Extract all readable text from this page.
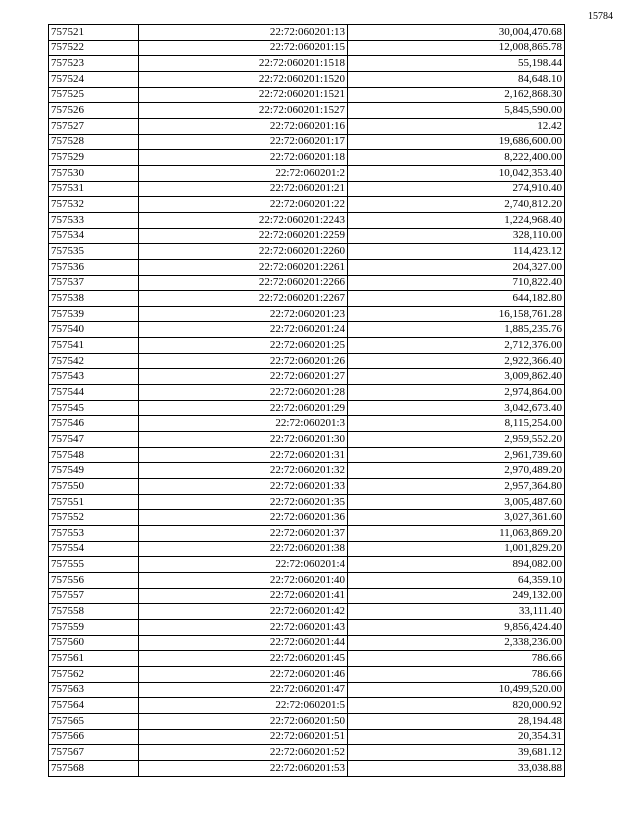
15784
757521	22:72:060201:13	30,004,470.68
757522	22:72:060201:15	12,008,865.78
757523	22:72:060201:1518	55,198.44
757524	22:72:060201:1520	84,648.10
757525	22:72:060201:1521	2,162,868.30
757526	22:72:060201:1527	5,845,590.00
757527	22:72:060201:16	12.42
757528	22:72:060201:17	19,686,600.00
757529	22:72:060201:18	8,222,400.00
757530	22:72:060201:2	10,042,353.40
757531	22:72:060201:21	274,910.40
757532	22:72:060201:22	2,740,812.20
757533	22:72:060201:2243	1,224,968.40
757534	22:72:060201:2259	328,110.00
757535	22:72:060201:2260	114,423.12
757536	22:72:060201:2261	204,327.00
757537	22:72:060201:2266	710,822.40
757538	22:72:060201:2267	644,182.80
757539	22:72:060201:23	16,158,761.28
757540	22:72:060201:24	1,885,235.76
757541	22:72:060201:25	2,712,376.00
757542	22:72:060201:26	2,922,366.40
757543	22:72:060201:27	3,009,862.40
757544	22:72:060201:28	2,974,864.00
757545	22:72:060201:29	3,042,673.40
757546	22:72:060201:3	8,115,254.00
757547	22:72:060201:30	2,959,552.20
757548	22:72:060201:31	2,961,739.60
757549	22:72:060201:32	2,970,489.20
757550	22:72:060201:33	2,957,364.80
757551	22:72:060201:35	3,005,487.60
757552	22:72:060201:36	3,027,361.60
757553	22:72:060201:37	11,063,869.20
757554	22:72:060201:38	1,001,829.20
757555	22:72:060201:4	894,082.00
757556	22:72:060201:40	64,359.10
757557	22:72:060201:41	249,132.00
757558	22:72:060201:42	33,111.40
757559	22:72:060201:43	9,856,424.40
757560	22:72:060201:44	2,338,236.00
757561	22:72:060201:45	786.66
757562	22:72:060201:46	786.66
757563	22:72:060201:47	10,499,520.00
757564	22:72:060201:5	820,000.92
757565	22:72:060201:50	28,194.48
757566	22:72:060201:51	20,354.31
757567	22:72:060201:52	39,681.12
757568	22:72:060201:53	33,038.88
